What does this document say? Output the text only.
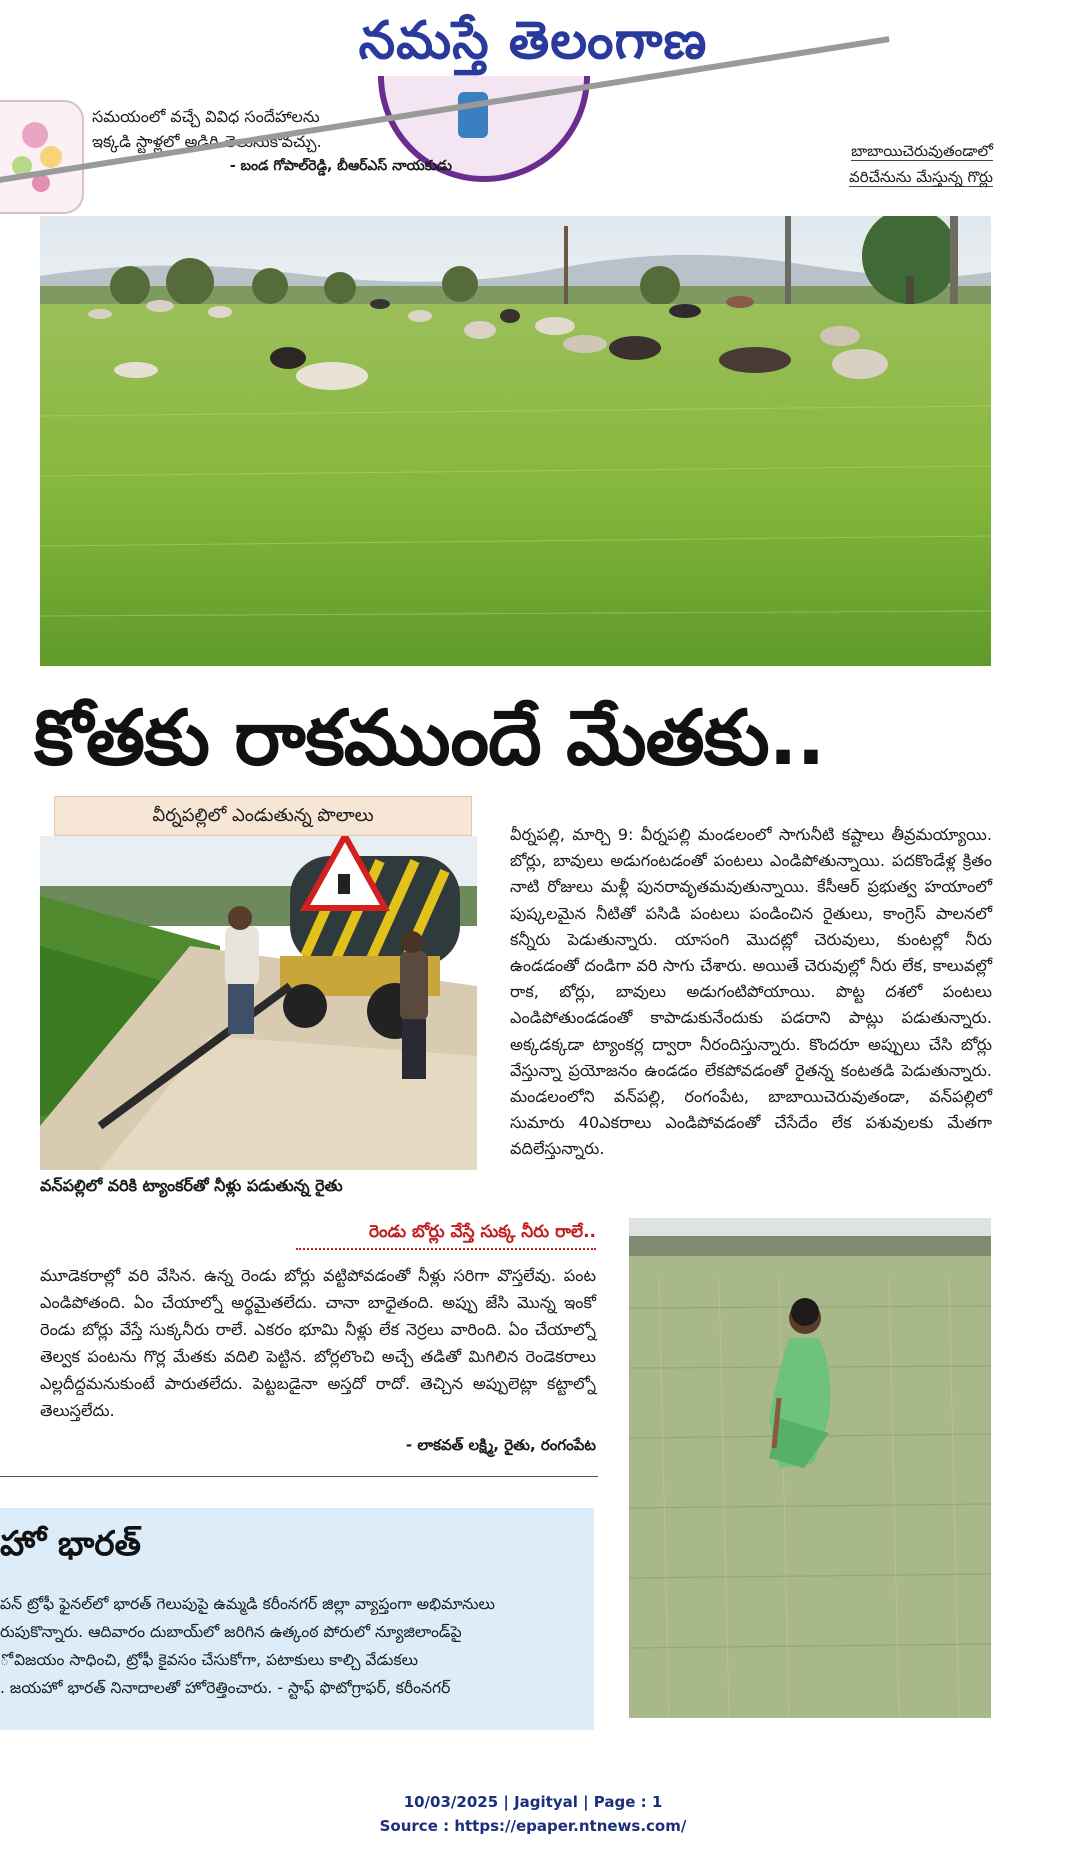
నమస్తే తెలంగాణ
సమయంలో వచ్చే వివిధ సందేహాలను
ఇక్కడి స్టాళ్లలో అడిగి తెలుసుకోవచ్చు.
- బండ గోపాల్‌రెడ్డి, బీఆర్‌ఎస్ నాయకుడు
బాబాయిచెరువుతండాలో
వరిచేనును మేస్తున్న గొర్లు
కోతకు రాకముందే మేతకు..
వీర్నపల్లిలో ఎండుతున్న పొలాలు
వన్‌పల్లిలో వరికి ట్యాంకర్‌తో నీళ్లు పడుతున్న రైతు
వీర్నపల్లి, మార్చి 9: వీర్నపల్లి మండలంలో సాగునీటి కష్టాలు తీవ్రమయ్యాయి. బోర్లు, బావులు అడుగంటడంతో పంటలు ఎండిపోతున్నాయి. పదకొండేళ్ల క్రితం నాటి రోజులు మళ్లీ పునరావృతమవుతున్నాయి. కేసీఆర్ ప్రభుత్వ హయాంలో పుష్కలమైన నీటితో పసిడి పంటలు పండించిన రైతులు, కాంగ్రెస్ పాలనలో కన్నీరు పెడుతున్నారు. యాసంగి మొదట్లో చెరువులు, కుంటల్లో నీరు ఉండడంతో దండిగా వరి సాగు చేశారు. అయితే చెరువుల్లో నీరు లేక, కాలువల్లో రాక, బోర్లు, బావులు అడుగంటిపోయాయి. పొట్ట దశలో పంటలు ఎండిపోతుండడంతో కాపాడుకునేందుకు పడరాని పాట్లు పడుతున్నారు. అక్కడక్కడా ట్యాంకర్ల ద్వారా నీరందిస్తున్నారు. కొందరూ అప్పులు చేసి బోర్లు వేస్తున్నా ప్రయోజనం ఉండడం లేకపోవడంతో రైతన్న కంటతడి పెడుతున్నారు. మండలంలోని వన్‌పల్లి, రంగంపేట, బాబాయిచెరువుతండా, వన్‌పల్లిలో సుమారు 40ఎకరాలు ఎండిపోవడంతో చేసేదేం లేక పశువులకు మేతగా వదిలేస్తున్నారు.
రెండు బోర్లు వేస్తే సుక్క నీరు రాలే..
మూడెకరాల్లో వరి వేసిన. ఉన్న రెండు బోర్లు వట్టిపోవడంతో నీళ్లు సరిగా వొస్తలేవు. పంట ఎండిపోతంది. ఏం చేయాల్నో అర్థమైతలేదు. చానా బాధైతంది. అప్పు జేసి మొన్న ఇంకో రెండు బోర్లు వేస్తే సుక్కనీరు రాలే. ఎకరం భూమి నీళ్లు లేక నెర్రలు వారింది. ఏం చేయాల్నో తెల్వక పంటను గొర్ల మేతకు వదిలి పెట్టిన. బోర్లలొంచి అచ్చే తడితో మిగిలిన రెండెకరాలు ఎల్లదీద్దమనుకుంటే పారుతలేదు. పెట్టబడైనా అస్తదో రాదో. తెచ్చిన అప్పులెట్లా కట్టాల్నో తెలుస్తలేదు.
- లాకవత్ లక్ష్మి, రైతు, రంగంపేట
హో భారత్
పన్ ట్రోఫీ ఫైనల్‌లో భారత్ గెలుపుపై ఉమ్మడి కరీంనగర్ జిల్లా వ్యాప్తంగా అభిమానులు
రుపుకొన్నారు. ఆదివారం దుబాయ్‌లో జరిగిన ఉత్కంఠ పోరులో న్యూజిలాండ్‌పై
ో విజయం సాధించి, ట్రోఫీ కైవసం చేసుకోగా, పటాకులు కాల్చి వేడుకలు
. జయహో భారత్ నినాదాలతో హోరెత్తించారు. - స్టాఫ్ ఫొటోగ్రాఫర్, కరీంనగర్
10/03/2025 | Jagityal | Page : 1
Source : https://epaper.ntnews.com/
